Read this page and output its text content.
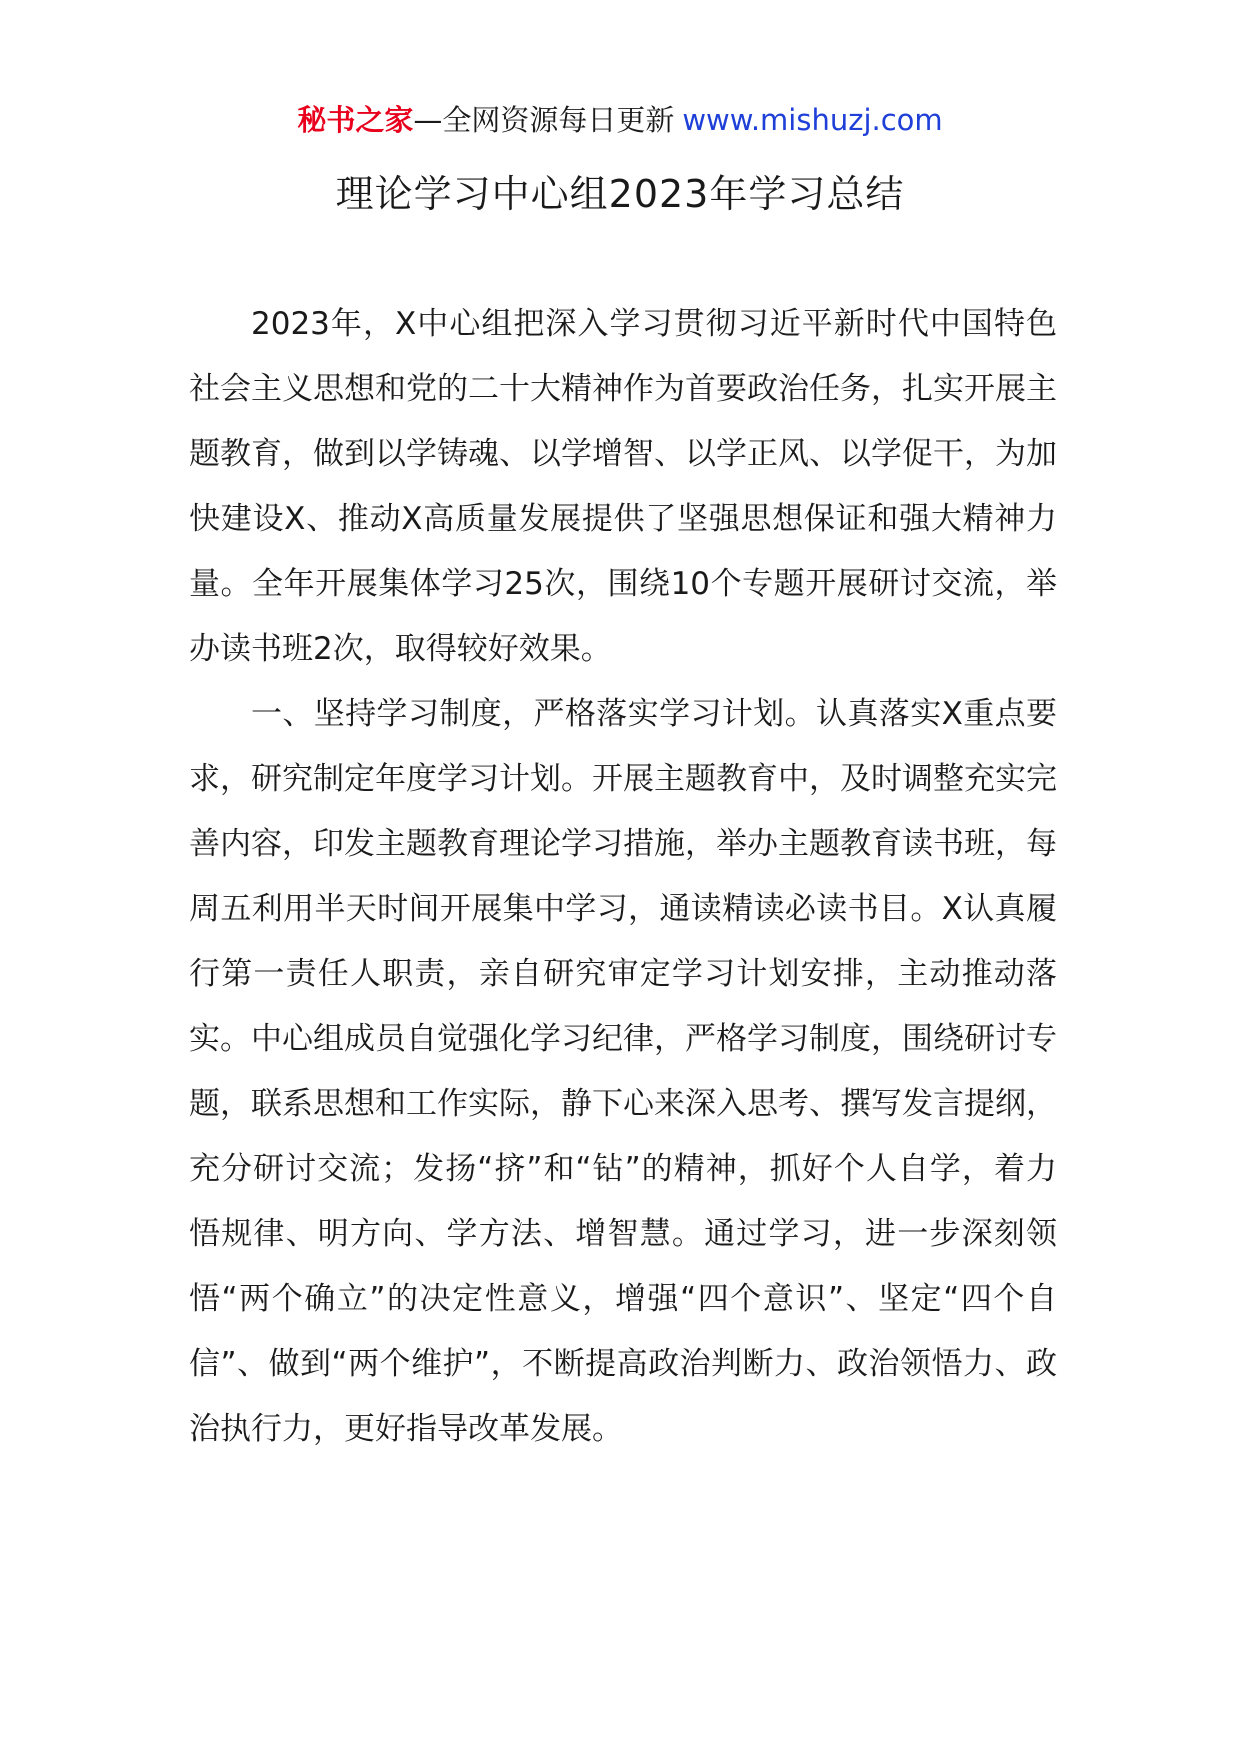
秘书之家—全网资源每日更新 www.mishuzj.com
理论学习中心组2023年学习总结

2023年，X中心组把深入学习贯彻习近平新时代中国特色社会主义思想和党的二十大精神作为首要政治任务，扎实开展主题教育，做到以学铸魂、以学增智、以学正风、以学促干，为加快建设X、推动X高质量发展提供了坚强思想保证和强大精神力量。全年开展集体学习25次，围绕10个专题开展研讨交流，举办读书班2次，取得较好效果。

一、坚持学习制度，严格落实学习计划。认真落实X重点要求，研究制定年度学习计划。开展主题教育中，及时调整充实完善内容，印发主题教育理论学习措施，举办主题教育读书班，每周五利用半天时间开展集中学习，通读精读必读书目。X认真履行第一责任人职责，亲自研究审定学习计划安排，主动推动落实。中心组成员自觉强化学习纪律，严格学习制度，围绕研讨专题，联系思想和工作实际，静下心来深入思考、撰写发言提纲，充分研讨交流；发扬“挤”和“钻”的精神，抓好个人自学，着力悟规律、明方向、学方法、增智慧。通过学习，进一步深刻领悟“两个确立”的决定性意义，增强“四个意识”、坚定“四个自信”、做到“两个维护”，不断提高政治判断力、政治领悟力、政治执行力，更好指导改革发展。
